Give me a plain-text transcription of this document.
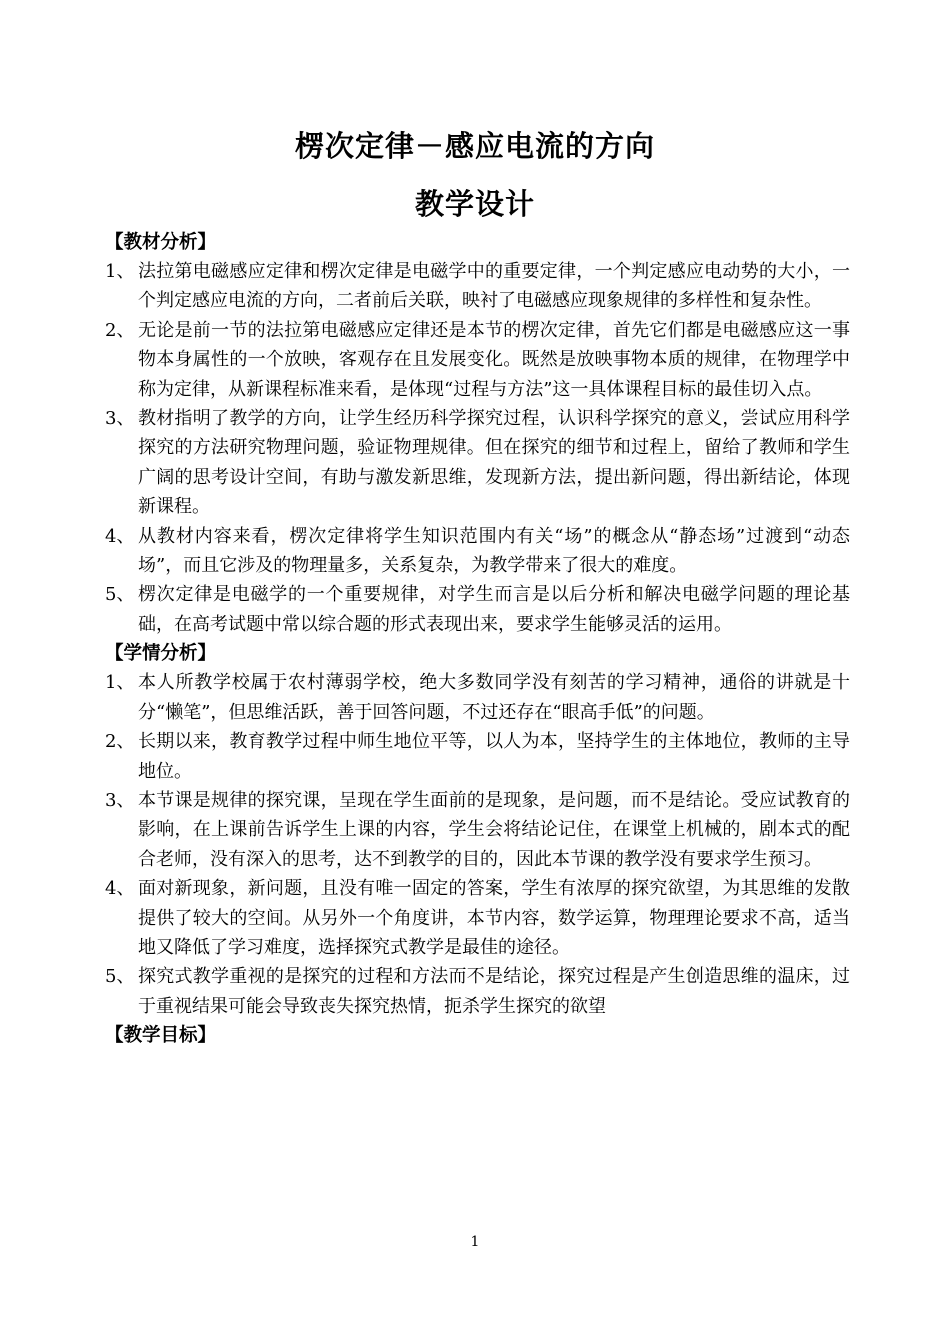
楞次定律－感应电流的方向
教学设计
【教材分析】
1、 法拉第电磁感应定律和楞次定律是电磁学中的重要定律，一个判定感应电动势的大小，一个判定感应电流的方向，二者前后关联，映衬了电磁感应现象规律的多样性和复杂性。
2、 无论是前一节的法拉第电磁感应定律还是本节的楞次定律，首先它们都是电磁感应这一事物本身属性的一个放映，客观存在且发展变化。既然是放映事物本质的规律，在物理学中称为定律，从新课程标准来看，是体现“过程与方法”这一具体课程目标的最佳切入点。
3、 教材指明了教学的方向，让学生经历科学探究过程，认识科学探究的意义，尝试应用科学探究的方法研究物理问题，验证物理规律。但在探究的细节和过程上，留给了教师和学生广阔的思考设计空间，有助与激发新思维，发现新方法，提出新问题，得出新结论，体现新课程。
4、 从教材内容来看，楞次定律将学生知识范围内有关“场”的概念从“静态场”过渡到“动态场”，而且它涉及的物理量多，关系复杂，为教学带来了很大的难度。
5、 楞次定律是电磁学的一个重要规律，对学生而言是以后分析和解决电磁学问题的理论基础，在高考试题中常以综合题的形式表现出来，要求学生能够灵活的运用。
【学情分析】
1、 本人所教学校属于农村薄弱学校，绝大多数同学没有刻苦的学习精神，通俗的讲就是十分“懒笔”，但思维活跃，善于回答问题，不过还存在“眼高手低”的问题。
2、 长期以来，教育教学过程中师生地位平等，以人为本，坚持学生的主体地位，教师的主导地位。
3、 本节课是规律的探究课，呈现在学生面前的是现象，是问题，而不是结论。受应试教育的影响，在上课前告诉学生上课的内容，学生会将结论记住，在课堂上机械的，剧本式的配合老师，没有深入的思考，达不到教学的目的，因此本节课的教学没有要求学生预习。
4、 面对新现象，新问题，且没有唯一固定的答案，学生有浓厚的探究欲望，为其思维的发散提供了较大的空间。从另外一个角度讲，本节内容，数学运算，物理理论要求不高，适当地又降低了学习难度，选择探究式教学是最佳的途径。
5、 探究式教学重视的是探究的过程和方法而不是结论，探究过程是产生创造思维的温床，过于重视结果可能会导致丧失探究热情，扼杀学生探究的欲望
【教学目标】
1
